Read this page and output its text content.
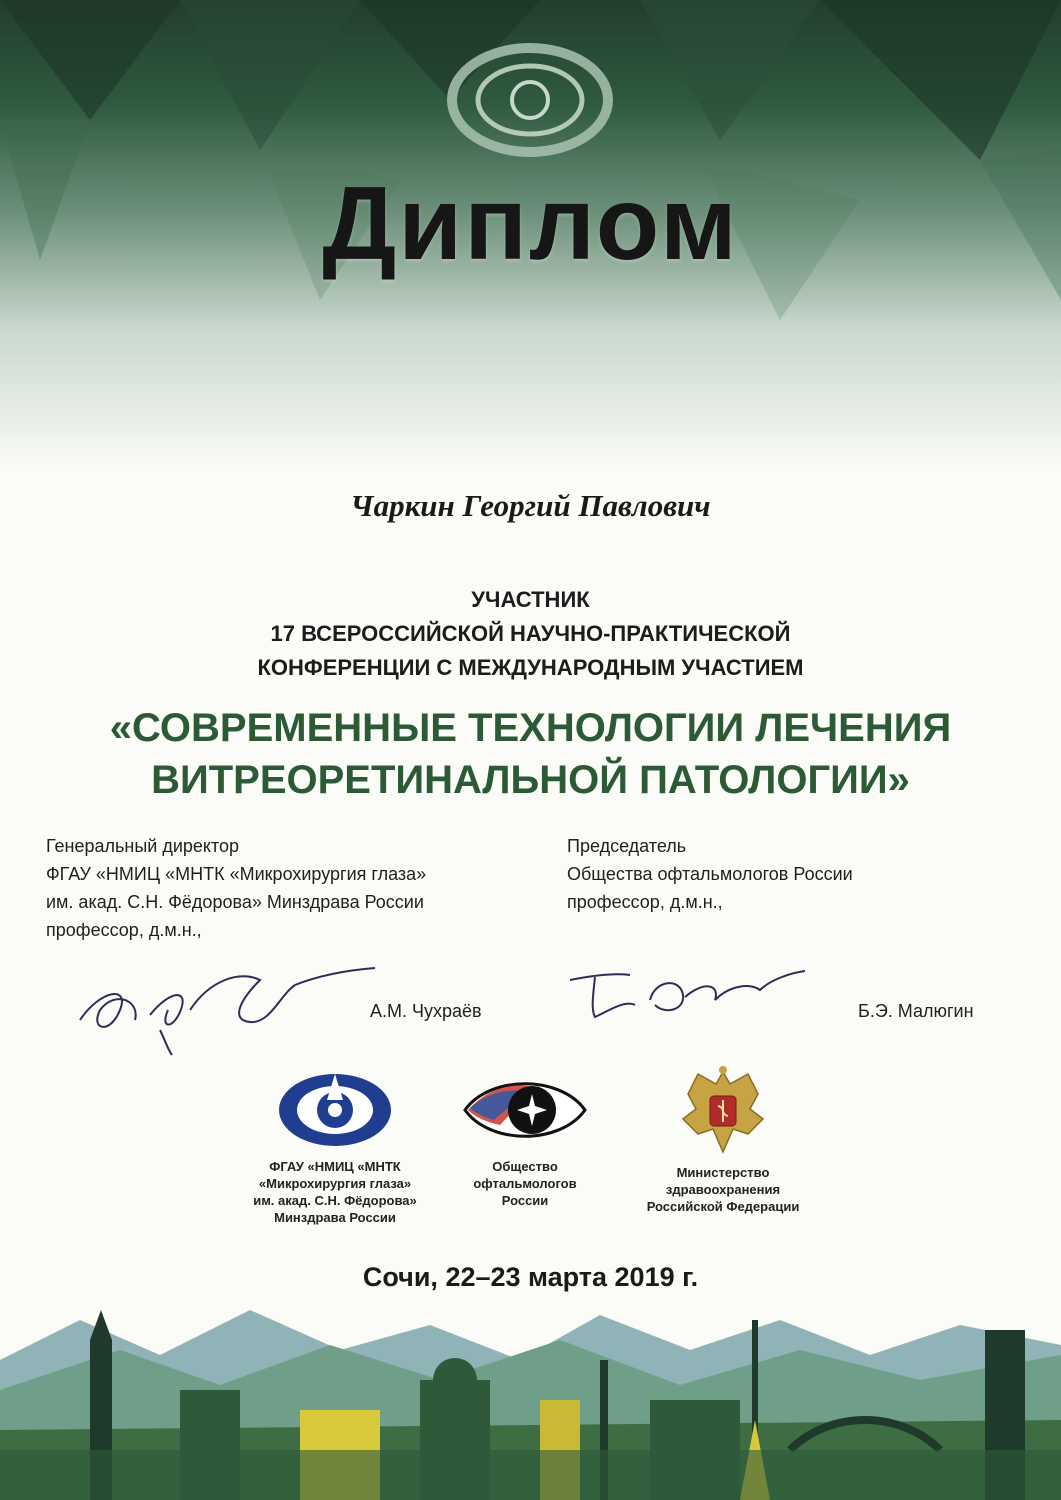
Диплом
Чаркин Георгий Павлович
УЧАСТНИК
17 ВСЕРОССИЙСКОЙ НАУЧНО-ПРАКТИЧЕСКОЙ
КОНФЕРЕНЦИИ С МЕЖДУНАРОДНЫМ УЧАСТИЕМ
«СОВРЕМЕННЫЕ ТЕХНОЛОГИИ ЛЕЧЕНИЯ
ВИТРЕОРЕТИНАЛЬНОЙ ПАТОЛОГИИ»
Генеральный директор
ФГАУ «НМИЦ «МНТК «Микрохирургия глаза»
им. акад. С.Н. Фёдорова» Минздрава России
профессор, д.м.н.,
Председатель
Общества офтальмологов России
профессор, д.м.н.,
А.М. Чухраёв	Б.Э. Малюгин
ФГАУ «НМИЦ «МНТК
«Микрохирургия глаза»
им. акад. С.Н. Фёдорова»
Минздрава России
Общество
офтальмологов
России
Министерство
здравоохранения
Российской Федерации
Сочи, 22–23 марта 2019 г.
